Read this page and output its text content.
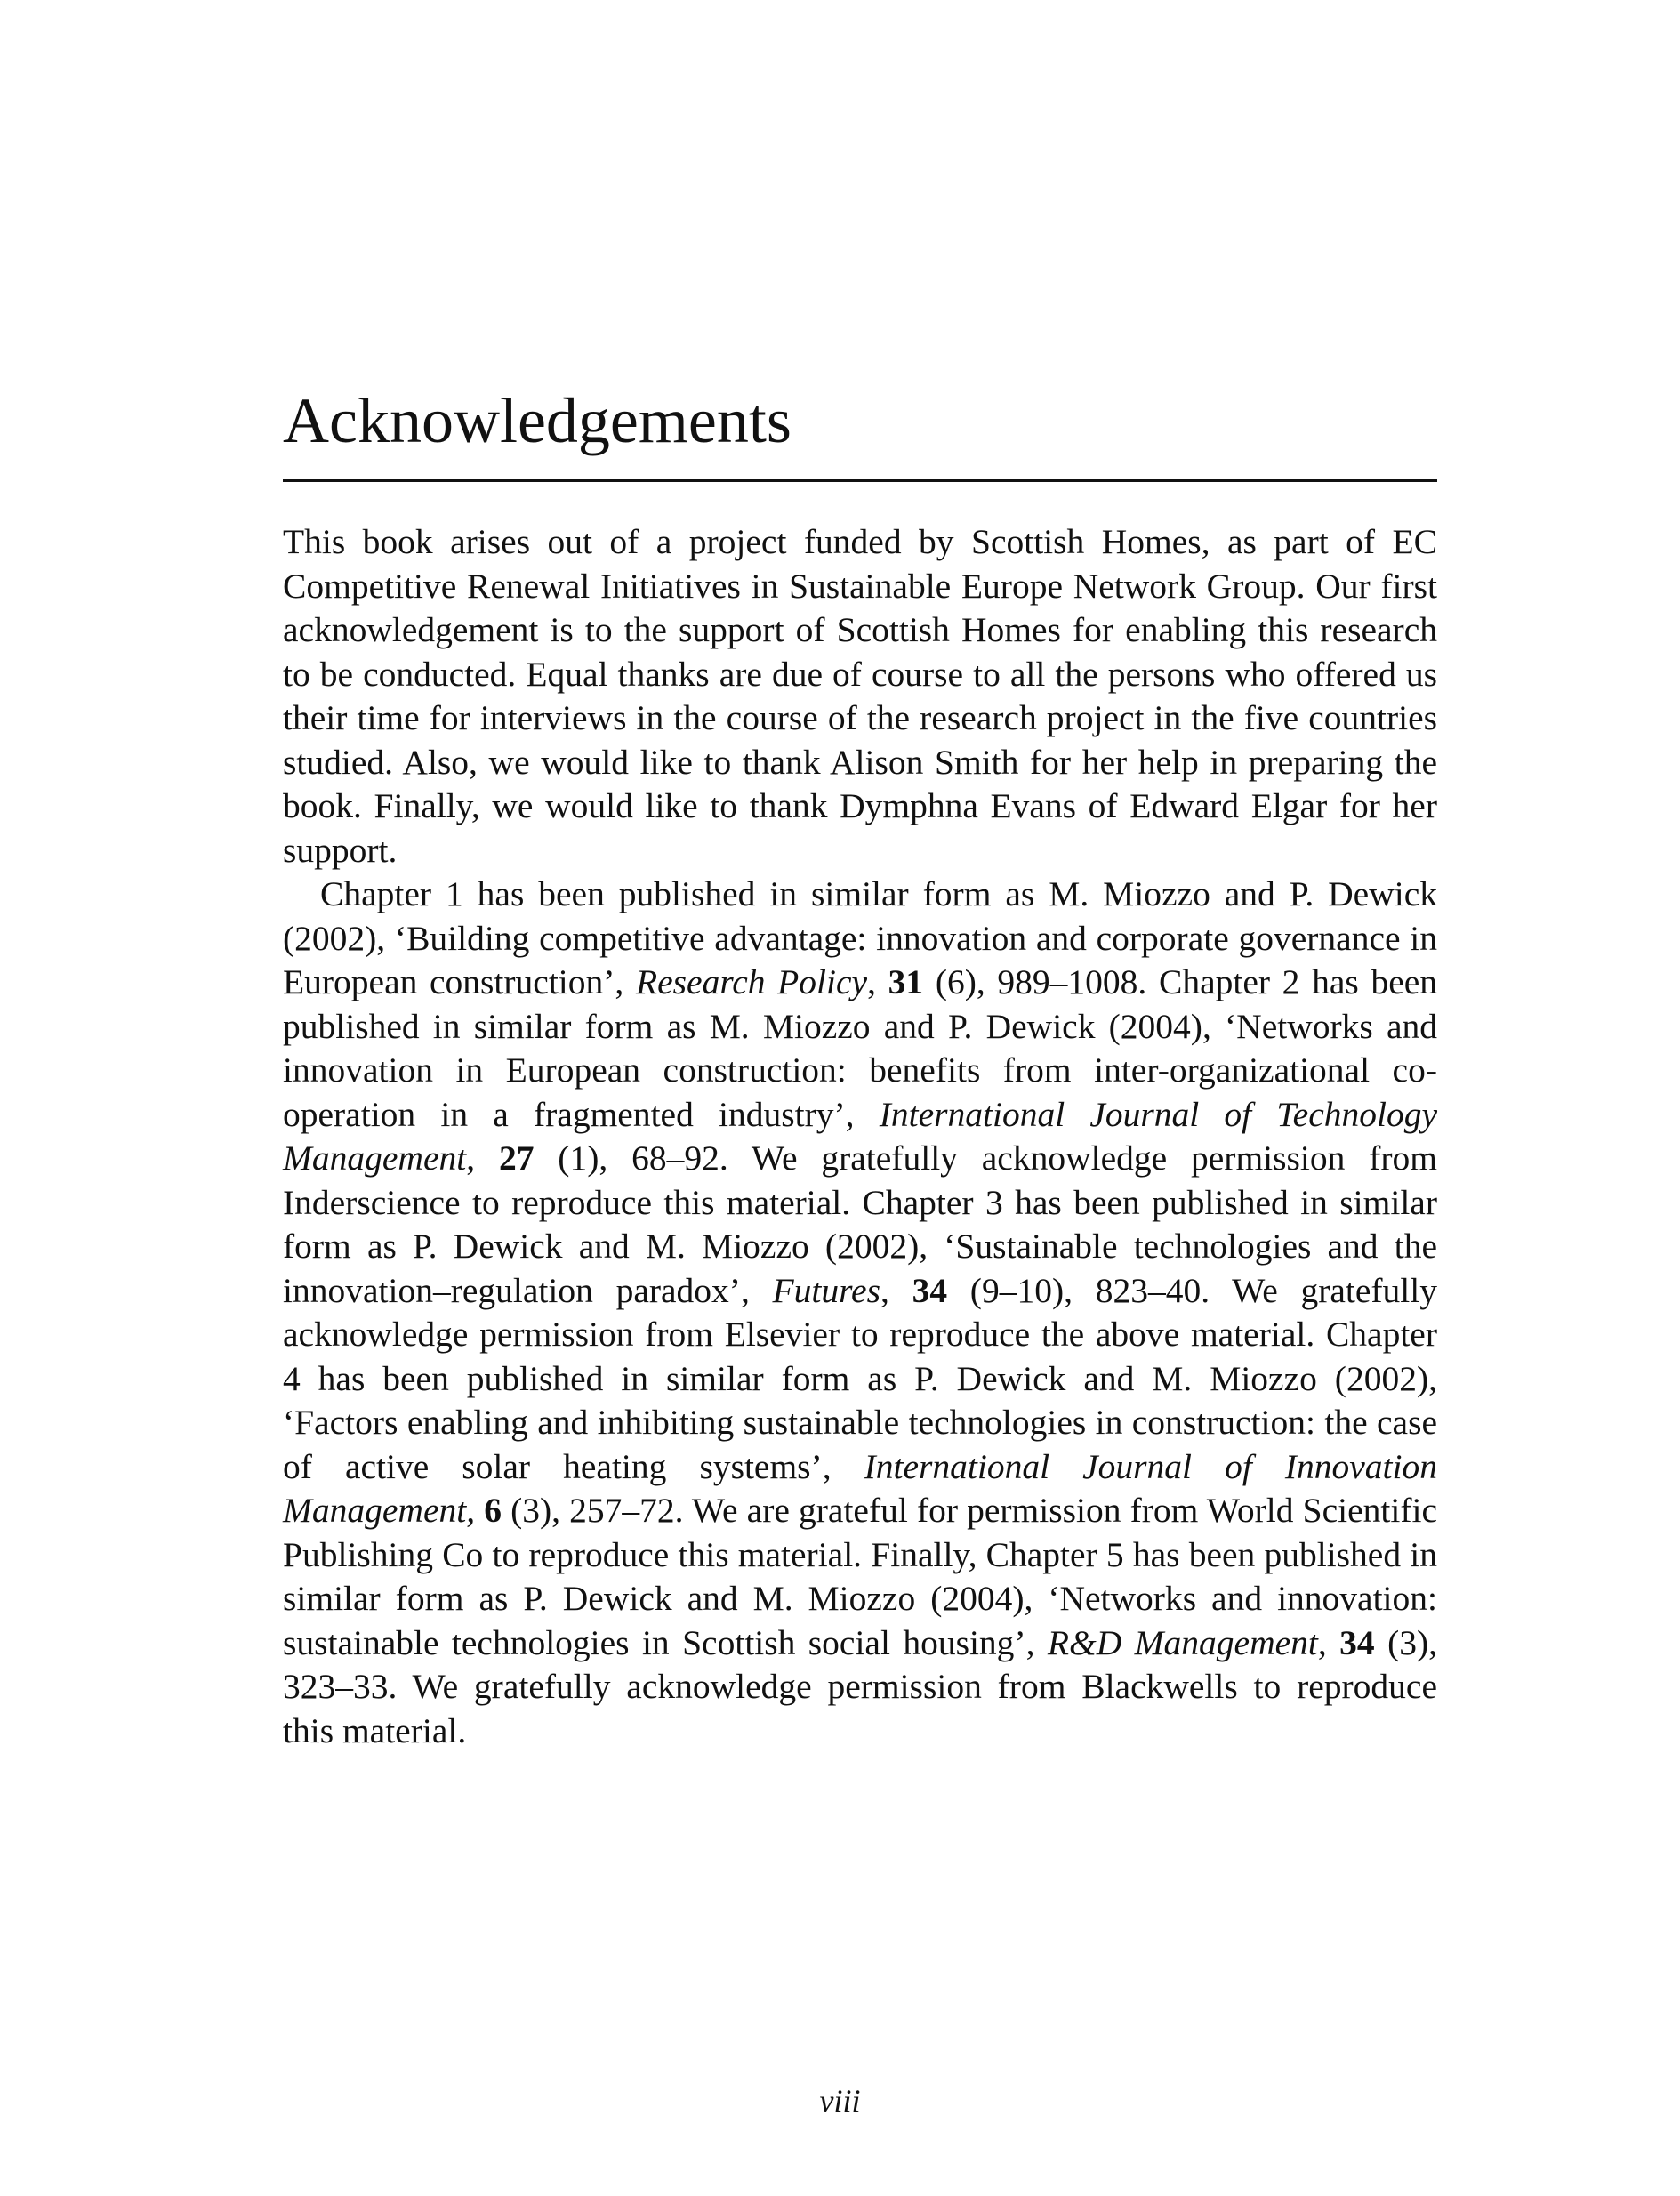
Acknowledgements

This book arises out of a project funded by Scottish Homes, as part of EC Competitive Renewal Initiatives in Sustainable Europe Network Group. Our first acknowledgement is to the support of Scottish Homes for enabling this research to be conducted. Equal thanks are due of course to all the persons who offered us their time for interviews in the course of the research project in the five countries studied. Also, we would like to thank Alison Smith for her help in preparing the book. Finally, we would like to thank Dymphna Evans of Edward Elgar for her support.

Chapter 1 has been published in similar form as M. Miozzo and P. Dewick (2002), ‘Building competitive advantage: innovation and corporate governance in European construction’, Research Policy, 31 (6), 989–1008. Chapter 2 has been published in similar form as M. Miozzo and P. Dewick (2004), ‘Networks and innovation in European construction: benefits from inter-organizational co-operation in a fragmented industry’, International Journal of Technology Management, 27 (1), 68–92. We gratefully acknowledge permission from Inderscience to reproduce this material. Chapter 3 has been published in similar form as P. Dewick and M. Miozzo (2002), ‘Sustainable technologies and the innovation–regulation paradox’, Futures, 34 (9–10), 823–40. We gratefully acknowledge permission from Elsevier to reproduce the above material. Chapter 4 has been published in similar form as P. Dewick and M. Miozzo (2002), ‘Factors enabling and inhibiting sustainable technologies in construction: the case of active solar heating systems’, International Journal of Innovation Management, 6 (3), 257–72. We are grateful for permission from World Scientific Publishing Co to reproduce this material. Finally, Chapter 5 has been published in similar form as P. Dewick and M. Miozzo (2004), ‘Networks and innovation: sustainable technologies in Scottish social housing’, R&D Management, 34 (3), 323–33. We gratefully acknowledge permission from Blackwells to reproduce this material.

viii
